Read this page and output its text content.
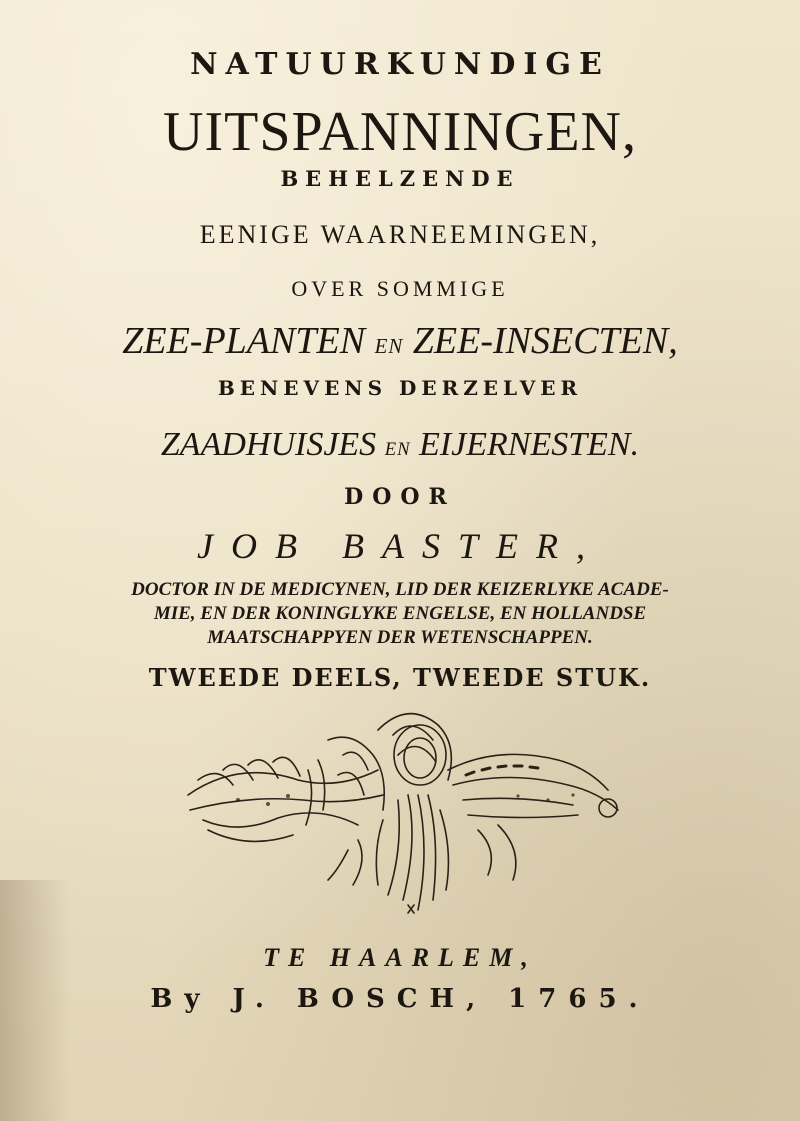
NATUURKUNDIGE
UITSPANNINGEN,
BEHELZENDE
EENIGE WAARNEEMINGEN,
OVER SOMMIGE
ZEE-PLANTEN EN ZEE-INSECTEN,
BENEVENS DERZELVER
ZAADHUISJES EN EIJERNESTEN.
DOOR
JOB BASTER,
DOCTOR IN DE MEDICYNEN, LID DER KEIZERLYKE ACADE-
MIE, EN DER KONINGLYKE ENGELSE, EN HOLLANDSE
MAATSCHAPPYEN DER WETENSCHAPPEN.
TWEEDE DEELS, TWEEDE STUK.
TE HAARLEM,
By J. BOSCH, 1765.
